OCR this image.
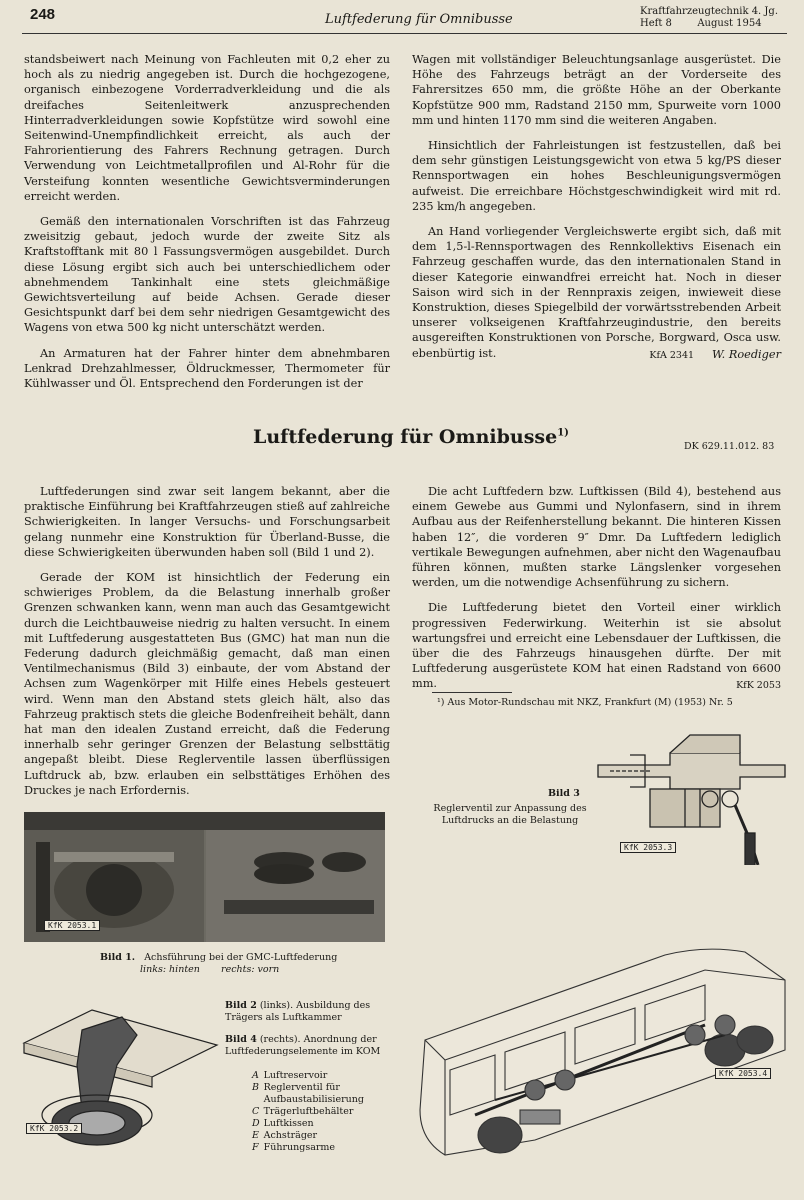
248	Luftfederung für Omnibusse
Kraftfahrzeugtechnik 4. Jg.
Heft 8        August 1954

standsbeiwert nach Meinung von Fachleuten mit 0,2 eher zu hoch als zu niedrig angegeben ist. Durch die hochgezogene, organisch einbezogene Vorderradverkleidung und die als dreifaches Seitenleitwerk anzusprechenden Hinterradverkleidungen sowie Kopfstütze wird sowohl eine Seitenwind-Unempfindlichkeit erreicht, als auch der Fahrorientierung des Fahrers Rechnung getragen. Durch Verwendung von Leichtmetallprofilen und Al-Rohr für die Versteifung konnten wesentliche Gewichtsverminderungen erreicht werden.

Gemäß den internationalen Vorschriften ist das Fahrzeug zweisitzig gebaut, jedoch wurde der zweite Sitz als Kraftstofftank mit 80 l Fassungsvermögen ausgebildet. Durch diese Lösung ergibt sich auch bei unterschiedlichem oder abnehmendem Tankinhalt eine stets gleichmäßige Gewichtsverteilung auf beide Achsen. Gerade dieser Gesichtspunkt darf bei dem sehr niedrigen Gesamtgewicht des Wagens von etwa 500 kg nicht unterschätzt werden.

An Armaturen hat der Fahrer hinter dem abnehmbaren Lenkrad Drehzahlmesser, Öldruckmesser, Thermometer für Kühlwasser und Öl. Entsprechend den Forderungen ist der

Wagen mit vollständiger Beleuchtungsanlage ausgerüstet. Die Höhe des Fahrzeugs beträgt an der Vorderseite des Fahrersitzes 650 mm, die größte Höhe an der Oberkante Kopfstütze 900 mm, Radstand 2150 mm, Spurweite vorn 1000 mm und hinten 1170 mm sind die weiteren Angaben.

Hinsichtlich der Fahrleistungen ist festzustellen, daß bei dem sehr günstigen Leistungsgewicht von etwa 5 kg/PS dieser Rennsportwagen ein hohes Beschleunigungsvermögen aufweist. Die erreichbare Höchstgeschwindigkeit wird mit rd. 235 km/h angegeben.

An Hand vorliegender Vergleichswerte ergibt sich, daß mit dem 1,5-l-Rennsportwagen des Rennkollektivs Eisenach ein Fahrzeug geschaffen wurde, das den internationalen Stand in dieser Kategorie einwandfrei erreicht hat. Noch in dieser Saison wird sich in der Rennpraxis zeigen, inwieweit diese Konstruktion, dieses Spiegelbild der vorwärtsstrebenden Arbeit unserer volkseigenen Kraftfahrzeugindustrie, den bereits ausgereiften Konstruktionen von Porsche, Borgward, Osca usw. ebenbürtig ist.	KfA 2341 W. Roediger
Luftfederung für Omnibusse$^{1)}$
DK 629.11.012. 83

Luftfederungen sind zwar seit langem bekannt, aber die praktische Einführung bei Kraftfahrzeugen stieß auf zahlreiche Schwierigkeiten. In langer Versuchs- und Forschungsarbeit gelang nunmehr eine Konstruktion für Überland-Busse, die diese Schwierigkeiten überwunden haben soll (Bild 1 und 2).

Gerade der KOM ist hinsichtlich der Federung ein schwieriges Problem, da die Belastung innerhalb großer Grenzen schwanken kann, wenn man auch das Gesamtgewicht durch die Leichtbauweise niedrig zu halten versucht. In einem mit Luftfederung ausgestatteten Bus (GMC) hat man nun die Federung dadurch gleichmäßig gemacht, daß man einen Ventilmechanismus (Bild 3) einbaute, der vom Abstand der Achsen zum Wagenkörper mit Hilfe eines Hebels gesteuert wird. Wenn man den Abstand stets gleich hält, also das Fahrzeug praktisch stets die gleiche Bodenfreiheit behält, dann hat man den idealen Zustand erreicht, daß die Federung innerhalb sehr geringer Grenzen der Belastung selbsttätig angepaßt bleibt. Diese Reglerventile lassen überflüssigen Luftdruck ab, bzw. erlauben ein selbsttätiges Erhöhen des Druckes je nach Erfordernis.

Die acht Luftfedern bzw. Luftkissen (Bild 4), bestehend aus einem Gewebe aus Gummi und Nylonfasern, sind in ihrem Aufbau aus der Reifenherstellung bekannt. Die hinteren Kissen haben 12″, die vorderen 9″ Dmr. Da Luftfedern lediglich vertikale Bewegungen aufnehmen, aber nicht den Wagenaufbau führen können, mußten starke Längslenker vorgesehen werden, um die notwendige Achsenführung zu sichern.

Die Luftfederung bietet den Vorteil einer wirklich progressiven Federwirkung. Weiterhin ist sie absolut wartungsfrei und erreicht eine Lebensdauer der Luftkissen, die über die des Fahrzeugs hinausgehen dürfte. Der mit Luftfederung ausgerüstete KOM hat einen Radstand von 6600 mm.	KfK 2053
¹) Aus Motor-Rundschau mit NKZ, Frankfurt (M) (1953) Nr. 5
KfK 2053.3
Bild 3
Reglerventil zur Anpassung des Luftdrucks an die Belastung
KfK 2053.1
Bild 1. Achsführung bei der GMC-Luftfederung
links: hinten rechts: vorn
KfK 2053.2
Bild 2 (links). Ausbildung des Trägers als Luftkammer
Bild 4 (rechts). Anordnung der Luftfederungselemente im KOM
A	Luftreservoir
B	Reglerventil für Aufbaustabilisierung
C	Trägerluftbehälter
D	Luftkissen
E	Achsträger
F	Führungsarme
KfK 2053.4
